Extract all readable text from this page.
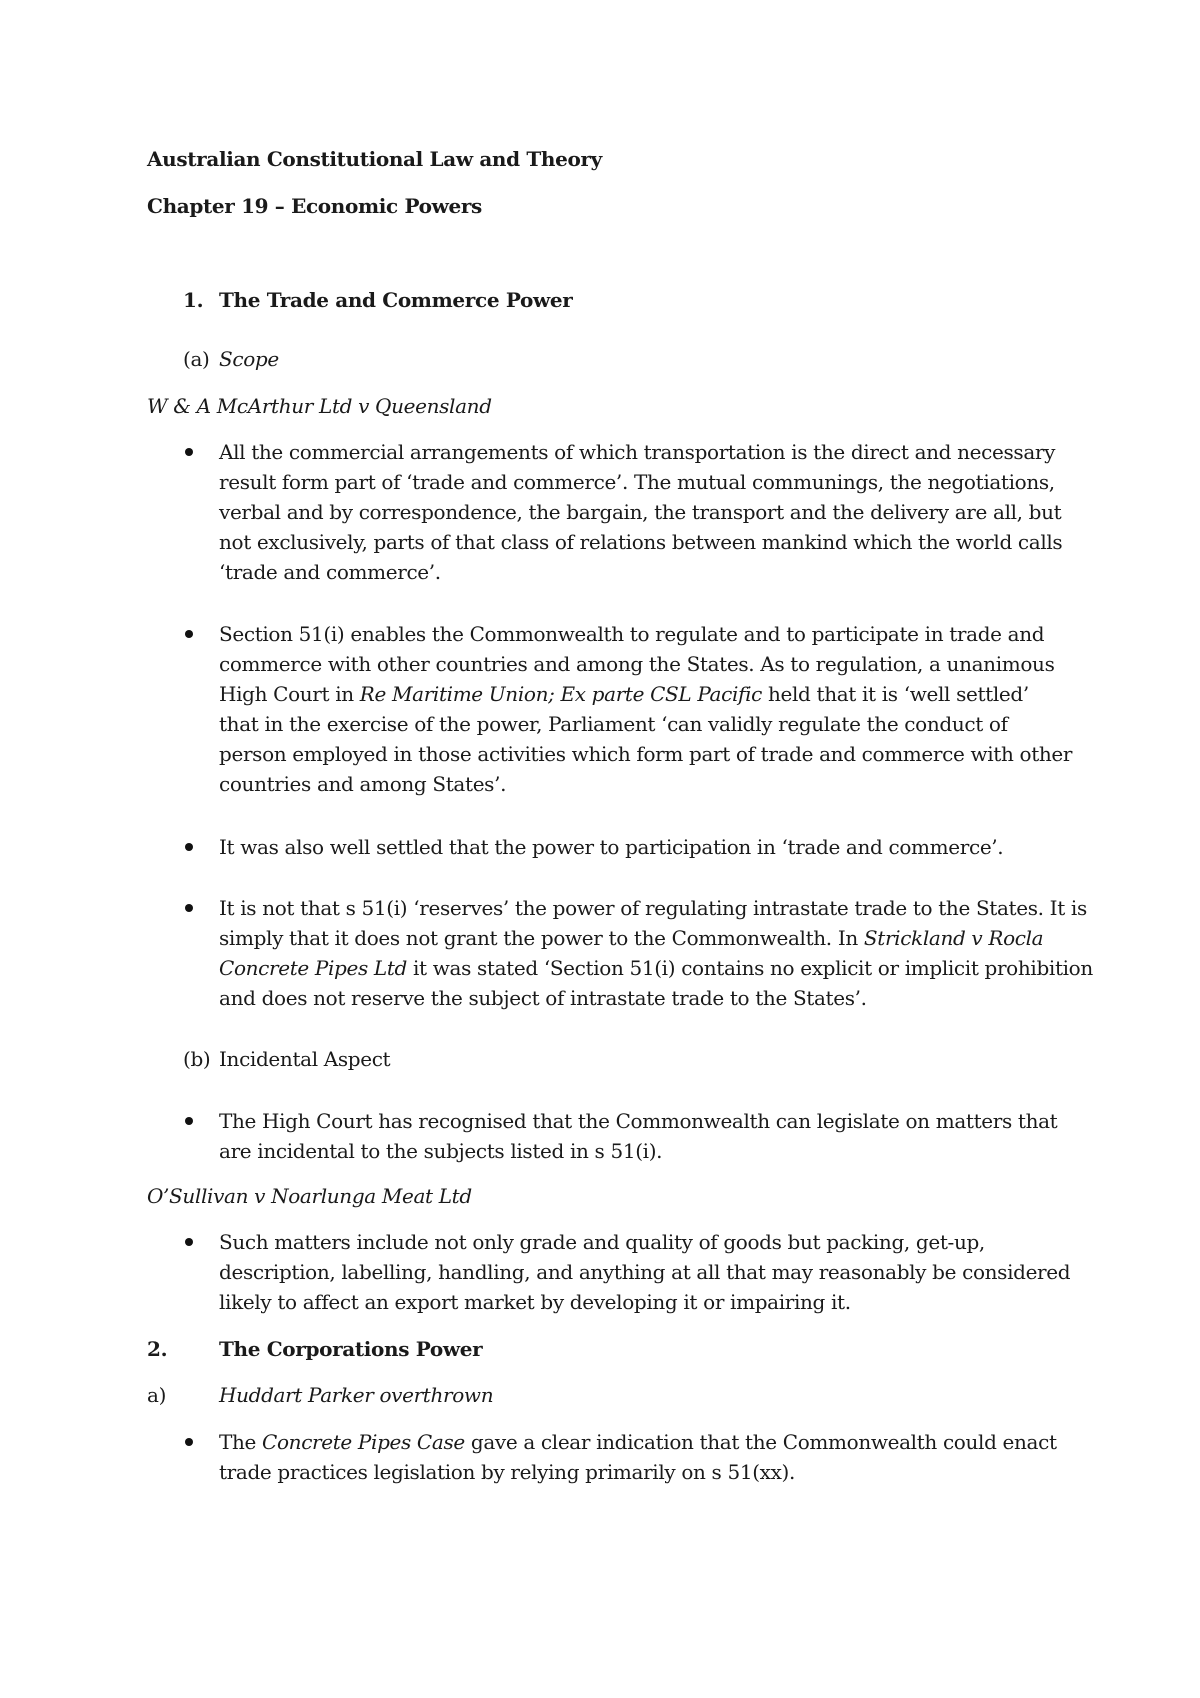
Australian Constitutional Law and Theory
Chapter 19 – Economic Powers
1. The Trade and Commerce Power
(a) Scope
W & A McArthur Ltd v Queensland
All the commercial arrangements of which transportation is the direct and necessary result form part of ‘trade and commerce’. The mutual communings, the negotiations, verbal and by correspondence, the bargain, the transport and the delivery are all, but not exclusively, parts of that class of relations between mankind which the world calls ‘trade and commerce’.
Section 51(i) enables the Commonwealth to regulate and to participate in trade and commerce with other countries and among the States. As to regulation, a unanimous High Court in Re Maritime Union; Ex parte CSL Pacific held that it is ‘well settled’ that in the exercise of the power, Parliament ‘can validly regulate the conduct of person employed in those activities which form part of trade and commerce with other countries and among States’.
It was also well settled that the power to participation in ‘trade and commerce’.
It is not that s 51(i) ‘reserves’ the power of regulating intrastate trade to the States. It is simply that it does not grant the power to the Commonwealth. In Strickland v Rocla Concrete Pipes Ltd it was stated ‘Section 51(i) contains no explicit or implicit prohibition and does not reserve the subject of intrastate trade to the States’.
(b) Incidental Aspect
The High Court has recognised that the Commonwealth can legislate on matters that are incidental to the subjects listed in s 51(i).
O’Sullivan v Noarlunga Meat Ltd
Such matters include not only grade and quality of goods but packing, get-up, description, labelling, handling, and anything at all that may reasonably be considered likely to affect an export market by developing it or impairing it.
2.	The Corporations Power
a)	Huddart Parker overthrown
The Concrete Pipes Case gave a clear indication that the Commonwealth could enact trade practices legislation by relying primarily on s 51(xx).
